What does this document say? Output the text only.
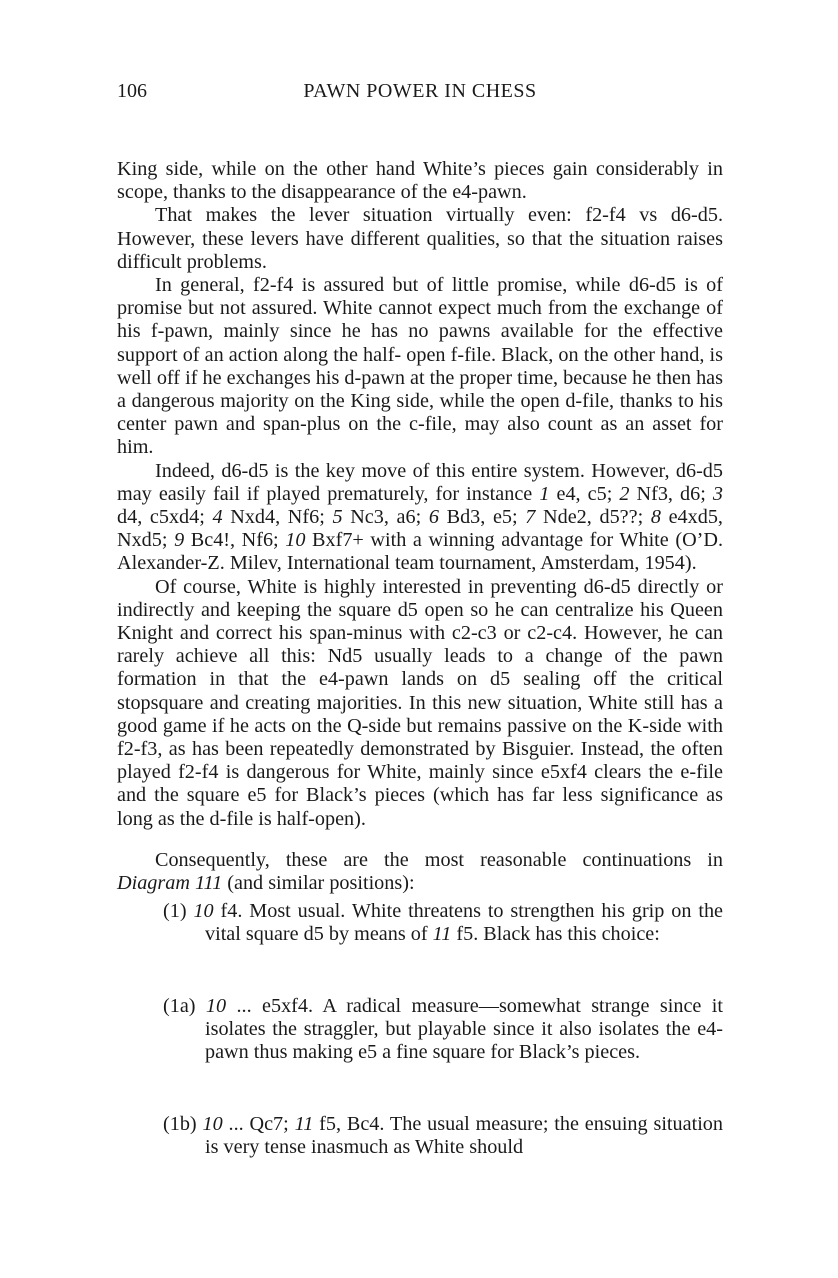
106	PAWN POWER IN CHESS

King side, while on the other hand White’s pieces gain considerably in scope, thanks to the disappearance of the e4-pawn.

That makes the lever situation virtually even: f2-f4 vs d6-d5. However, these levers have different qualities, so that the situation raises difficult problems.

In general, f2-f4 is assured but of little promise, while d6-d5 is of promise but not assured. White cannot expect much from the exchange of his f-pawn, mainly since he has no pawns available for the effective support of an action along the half- open f-file. Black, on the other hand, is well off if he exchanges his d-pawn at the proper time, because he then has a dangerous majority on the King side, while the open d-file, thanks to his center pawn and span-plus on the c-file, may also count as an asset for him.

Indeed, d6-d5 is the key move of this entire system. However, d6-d5 may easily fail if played prematurely, for instance 1 e4, c5; 2 Nf3, d6; 3 d4, c5xd4; 4 Nxd4, Nf6; 5 Nc3, a6; 6 Bd3, e5; 7 Nde2, d5??; 8 e4xd5, Nxd5; 9 Bc4!, Nf6; 10 Bxf7+ with a winning advantage for White (O’D. Alexander-Z. Milev, International team tournament, Amsterdam, 1954).

Of course, White is highly interested in preventing d6-d5 directly or indirectly and keeping the square d5 open so he can centralize his Queen Knight and correct his span-minus with c2-c3 or c2-c4. However, he can rarely achieve all this: Nd5 usually leads to a change of the pawn formation in that the e4-pawn lands on d5 sealing off the critical stopsquare and creating majorities. In this new situation, White still has a good game if he acts on the Q-side but remains passive on the K-side with f2-f3, as has been repeatedly demonstrated by Bisguier. Instead, the often played f2-f4 is dangerous for White, mainly since e5xf4 clears the e-file and the square e5 for Black’s pieces (which has far less significance as long as the d-file is half-open).

Consequently, these are the most reasonable continuations in Diagram 111 (and similar positions):

(1) 10 f4. Most usual. White threatens to strengthen his grip on the vital square d5 by means of 11 f5. Black has this choice:
(1a) 10 ... e5xf4. A radical measure—somewhat strange since it isolates the straggler, but playable since it also isolates the e4-pawn thus making e5 a fine square for Black’s pieces.
(1b) 10 ... Qc7; 11 f5, Bc4. The usual measure; the ensuing situation is very tense inasmuch as White should
